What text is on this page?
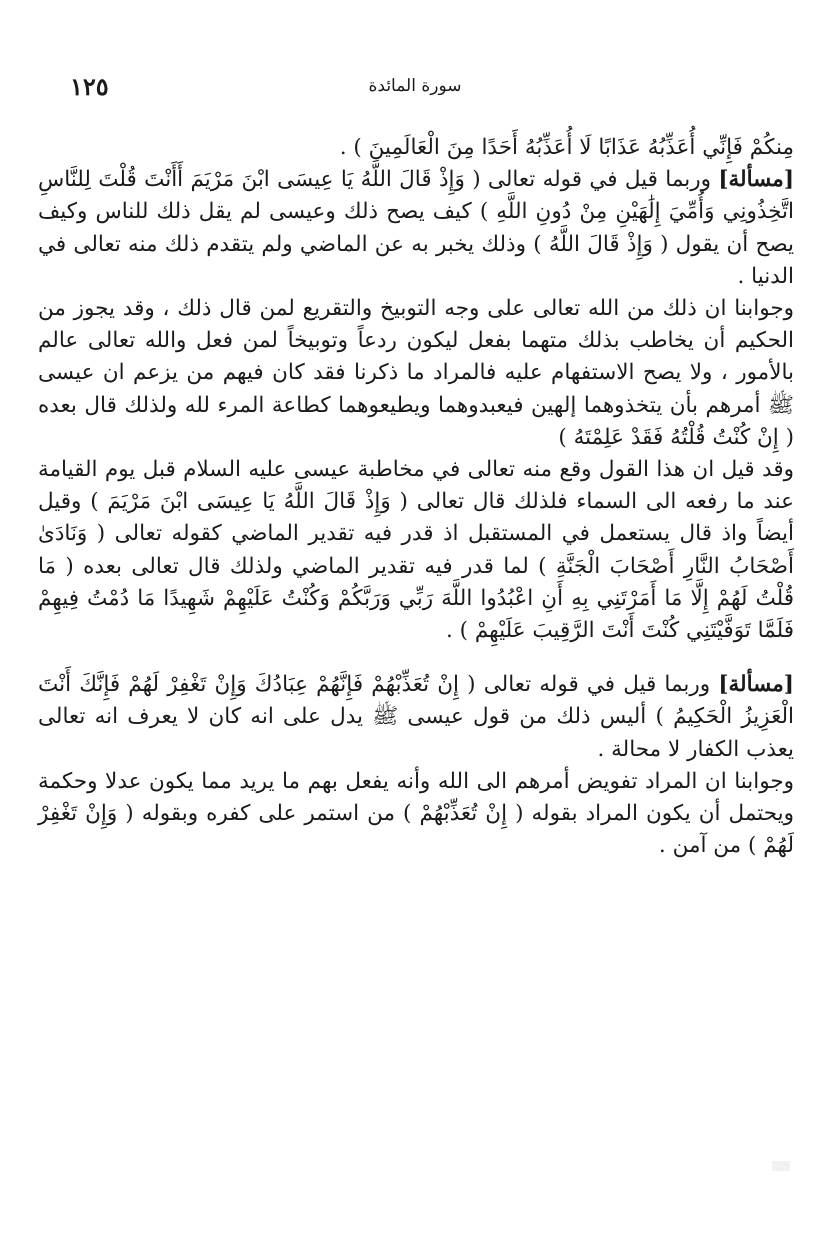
١٢٥	سورة المائدة

مِنكُمْ فَإِنِّي أُعَذِّبُهُ عَذَابًا لَا أُعَذِّبُهُ أَحَدًا مِنَ الْعَالَمِينَ ) .

[مسألة] وربما قيل في قوله تعالى ( وَإِذْ قَالَ اللَّهُ يَا عِيسَى ابْنَ مَرْيَمَ أَأَنْتَ قُلْتَ لِلنَّاسِ اتَّخِذُونِي وَأُمِّيَ إِلَٰهَيْنِ مِنْ دُونِ اللَّهِ ) كيف يصح ذلك وعيسى لم يقل ذلك للناس وكيف يصح أن يقول ( وَإِذْ قَالَ اللَّهُ ) وذلك يخبر به عن الماضي ولم يتقدم ذلك منه تعالى في الدنيا .

وجوابنا ان ذلك من الله تعالى على وجه التوبيخ والتقريع لمن قال ذلك ، وقد يجوز من الحكيم أن يخاطب بذلك متهما بفعل ليكون ردعاً وتوبيخاً لمن فعل والله تعالى عالم بالأمور ، ولا يصح الاستفهام عليه فالمراد ما ذكرنا فقد كان فيهم من يزعم ان عيسى ﷺ أمرهم بأن يتخذوهما إلهين فيعبدوهما ويطيعوهما كطاعة المرء لله ولذلك قال بعده ( إِنْ كُنْتُ قُلْتُهُ فَقَدْ عَلِمْتَهُ )

وقد قيل ان هذا القول وقع منه تعالى في مخاطبة عيسى عليه السلام قبل يوم القيامة عند ما رفعه الى السماء فلذلك قال تعالى ( وَإِذْ قَالَ اللَّهُ يَا عِيسَى ابْنَ مَرْيَمَ ) وقيل أيضاً واذ قال يستعمل في المستقبل اذ قدر فيه تقدير الماضي كقوله تعالى ( وَنَادَىٰ أَصْحَابُ النَّارِ أَصْحَابَ الْجَنَّةِ ) لما قدر فيه تقدير الماضي ولذلك قال تعالى بعده ( مَا قُلْتُ لَهُمْ إِلَّا مَا أَمَرْتَنِي بِهِ أَنِ اعْبُدُوا اللَّهَ رَبِّي وَرَبَّكُمْ وَكُنْتُ عَلَيْهِمْ شَهِيدًا مَا دُمْتُ فِيهِمْ فَلَمَّا تَوَفَّيْتَنِي كُنْتَ أَنْتَ الرَّقِيبَ عَلَيْهِمْ ) .

[مسألة] وربما قيل في قوله تعالى ( إِنْ تُعَذِّبْهُمْ فَإِنَّهُمْ عِبَادُكَ وَإِنْ تَغْفِرْ لَهُمْ فَإِنَّكَ أَنْتَ الْعَزِيزُ الْحَكِيمُ ) أليس ذلك من قول عيسى ﷺ يدل على انه كان لا يعرف انه تعالى يعذب الكفار لا محالة .

وجوابنا ان المراد تفويض أمرهم الى الله وأنه يفعل بهم ما يريد مما يكون عدلا وحكمة ويحتمل أن يكون المراد بقوله ( إِنْ تُعَذِّبْهُمْ ) من استمر على كفره وبقوله ( وَإِنْ تَغْفِرْ لَهُمْ ) من آمن .
